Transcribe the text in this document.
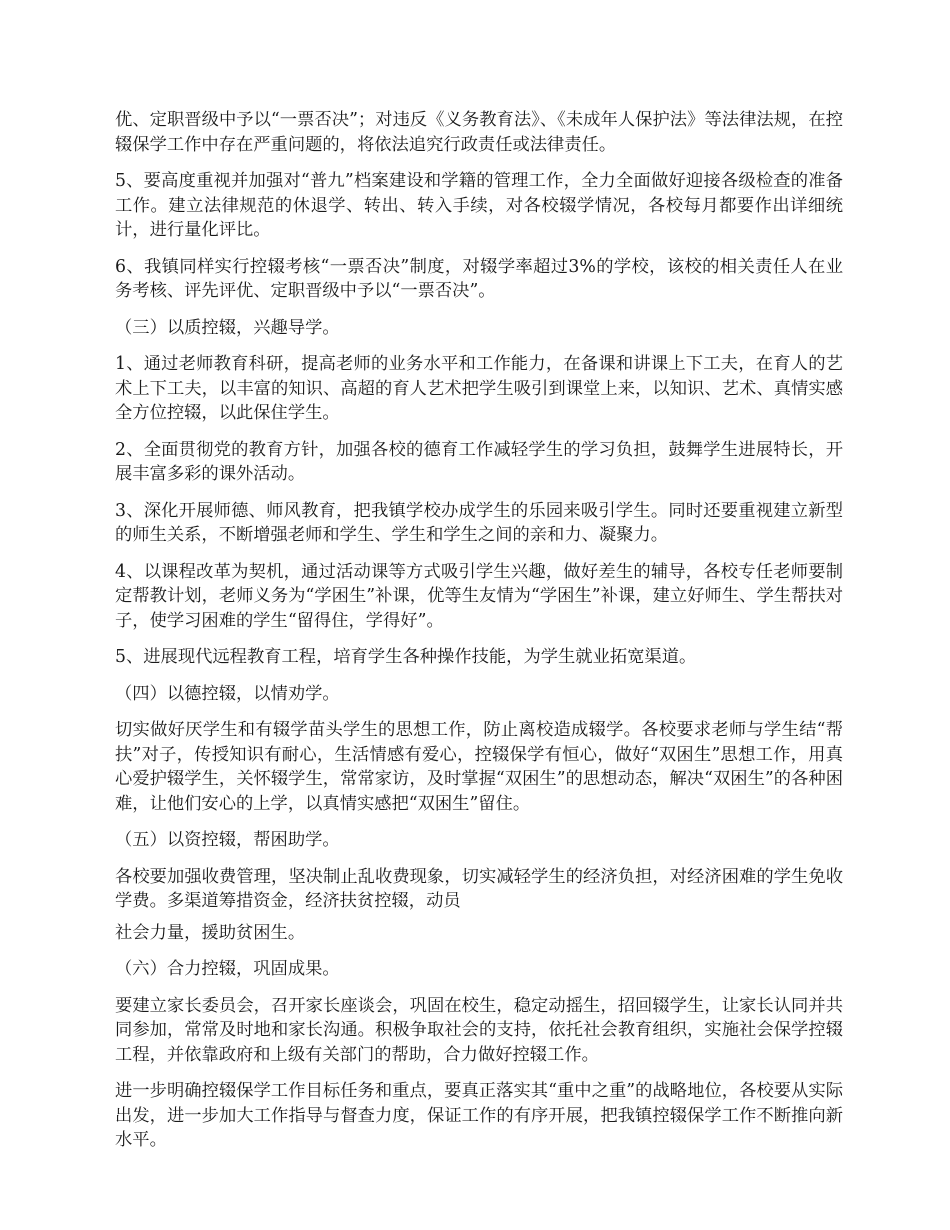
优、定职晋级中予以“一票否决”；对违反《义务教育法》、《未成年人保护法》等法律法规，在控辍保学工作中存在严重问题的，将依法追究行政责任或法律责任。

5、要高度重视并加强对“普九”档案建设和学籍的管理工作，全力全面做好迎接各级检查的准备工作。建立法律规范的休退学、转出、转入手续，对各校辍学情况，各校每月都要作出详细统计，进行量化评比。

6、我镇同样实行控辍考核“一票否决”制度，对辍学率超过3%的学校，该校的相关责任人在业务考核、评先评优、定职晋级中予以“一票否决”。

（三）以质控辍，兴趣导学。

1、通过老师教育科研，提高老师的业务水平和工作能力，在备课和讲课上下工夫，在育人的艺术上下工夫，以丰富的知识、高超的育人艺术把学生吸引到课堂上来，以知识、艺术、真情实感全方位控辍，以此保住学生。

2、全面贯彻党的教育方针，加强各校的德育工作减轻学生的学习负担，鼓舞学生进展特长，开展丰富多彩的课外活动。

3、深化开展师德、师风教育，把我镇学校办成学生的乐园来吸引学生。同时还要重视建立新型的师生关系，不断增强老师和学生、学生和学生之间的亲和力、凝聚力。

4、以课程改革为契机，通过活动课等方式吸引学生兴趣，做好差生的辅导，各校专任老师要制定帮教计划，老师义务为“学困生”补课，优等生友情为“学困生”补课，建立好师生、学生帮扶对子，使学习困难的学生“留得住，学得好”。

5、进展现代远程教育工程，培育学生各种操作技能，为学生就业拓宽渠道。

（四）以德控辍，以情劝学。

切实做好厌学生和有辍学苗头学生的思想工作，防止离校造成辍学。各校要求老师与学生结“帮扶”对子，传授知识有耐心，生活情感有爱心，控辍保学有恒心，做好“双困生”思想工作，用真心爱护辍学生，关怀辍学生，常常家访，及时掌握“双困生”的思想动态，解决“双困生”的各种困难，让他们安心的上学，以真情实感把“双困生”留住。

（五）以资控辍，帮困助学。

各校要加强收费管理，坚决制止乱收费现象，切实减轻学生的经济负担，对经济困难的学生免收学费。多渠道筹措资金，经济扶贫控辍，动员

社会力量，援助贫困生。

（六）合力控辍，巩固成果。

要建立家长委员会，召开家长座谈会，巩固在校生，稳定动摇生，招回辍学生，让家长认同并共同参加，常常及时地和家长沟通。积极争取社会的支持，依托社会教育组织，实施社会保学控辍工程，并依靠政府和上级有关部门的帮助，合力做好控辍工作。

进一步明确控辍保学工作目标任务和重点，要真正落实其“重中之重”的战略地位，各校要从实际出发，进一步加大工作指导与督查力度，保证工作的有序开展，把我镇控辍保学工作不断推向新水平。
